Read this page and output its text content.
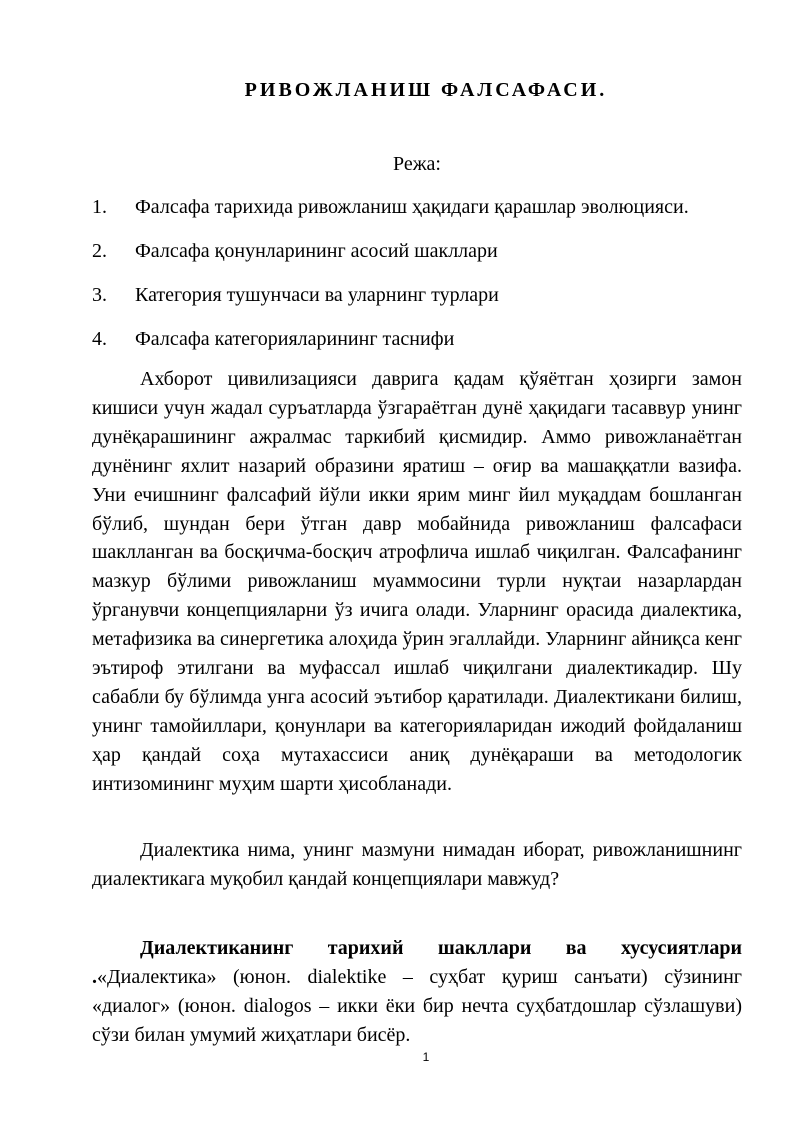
РИВОЖЛАНИШ ФАЛСАФАСИ.
Режа:
1. Фалсафа тарихида ривожланиш ҳақидаги қарашлар эволюцияси.
2. Фалсафа қонунларининг асосий шакллари
3. Категория тушунчаси ва уларнинг турлари
4. Фалсафа категорияларининг таснифи

Ахборот цивилизацияси даврига қадам қўяётган ҳозирги замон кишиси учун жадал суръатларда ўзгараётган дунё ҳақидаги тасаввур унинг дунёқарашининг ажралмас таркибий қисмидир. Аммо ривожланаётган дунёнинг яхлит назарий образини яратиш – оғир ва машаққатли вазифа. Уни ечишнинг фалсафий йўли икки ярим минг йил муқаддам бошланган бўлиб, шундан бери ўтган давр мобайнида ривожланиш фалсафаси шаклланган ва босқичма-босқич атрофлича ишлаб чиқилган. Фалсафанинг мазкур бўлими ривожланиш муаммосини турли нуқтаи назарлардан ўрганувчи концепцияларни ўз ичига олади. Уларнинг орасида диалектика, метафизика ва синергетика алоҳида ўрин эгаллайди. Уларнинг айниқса кенг эътироф этилгани ва муфассал ишлаб чиқилгани диалектикадир. Шу сабабли бу бўлимда унга асосий эътибор қаратилади. Диалектикани билиш, унинг тамойиллари, қонунлари ва категорияларидан ижодий фойдаланиш ҳар қандай соҳа мутахассиси аниқ дунёқараши ва методологик интизомининг муҳим шарти ҳисобланади.

Диалектика нима, унинг мазмуни нимадан иборат, ривожланишнинг диалектикага муқобил қандай концепциялари мавжуд?

Диалектиканинг тарихий шакллари ва хусусиятлари .«Диалектика» (юнон. dialektike – суҳбат қуриш санъати) сўзининг «диалог» (юнон. dialogos – икки ёки бир нечта суҳбатдошлар сўзлашуви) сўзи билан умумий жиҳатлари бисёр.

1
